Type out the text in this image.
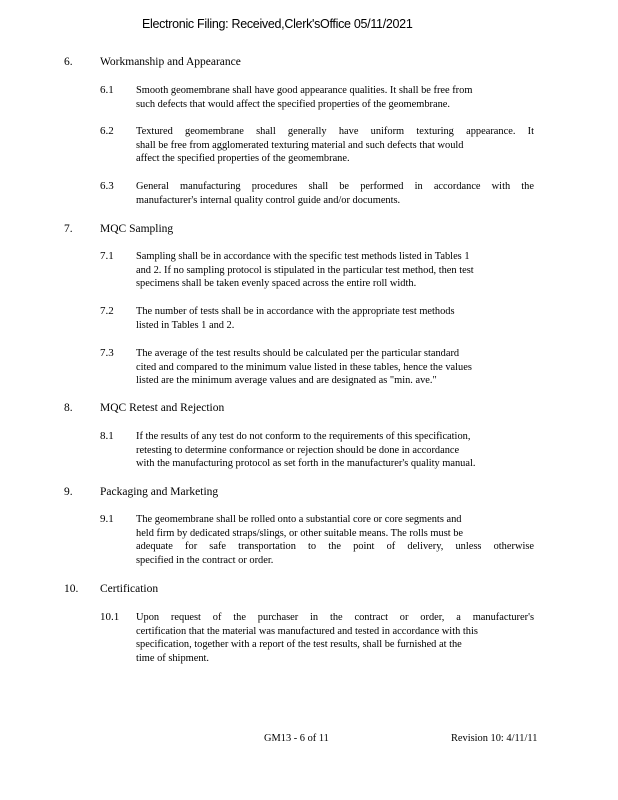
Electronic Filing: Received,Clerk'sOffice 05/11/2021
6. Workmanship and Appearance
6.1 Smooth geomembrane shall have good appearance qualities. It shall be free from
such defects that would affect the specified properties of the geomembrane.
6.2 Textured geomembrane shall generally have uniform texturing appearance. It
shall be free from agglomerated texturing material and such defects that would
affect the specified properties of the geomembrane.
6.3 General manufacturing procedures shall be performed in accordance with the
manufacturer's internal quality control guide and/or documents.
7. MQC Sampling
7.1 Sampling shall be in accordance with the specific test methods listed in Tables 1
and 2. If no sampling protocol is stipulated in the particular test method, then test
specimens shall be taken evenly spaced across the entire roll width.
7.2 The number of tests shall be in accordance with the appropriate test methods
listed in Tables 1 and 2.
7.3 The average of the test results should be calculated per the particular standard
cited and compared to the minimum value listed in these tables, hence the values
listed are the minimum average values and are designated as "min. ave."
8. MQC Retest and Rejection
8.1 If the results of any test do not conform to the requirements of this specification,
retesting to determine conformance or rejection should be done in accordance
with the manufacturing protocol as set forth in the manufacturer's quality manual.
9. Packaging and Marketing
9.1 The geomembrane shall be rolled onto a substantial core or core segments and
held firm by dedicated straps/slings, or other suitable means. The rolls must be
adequate for safe transportation to the point of delivery, unless otherwise
specified in the contract or order.
10. Certification
10.1 Upon request of the purchaser in the contract or order, a manufacturer's
certification that the material was manufactured and tested in accordance with this
specification, together with a report of the test results, shall be furnished at the
time of shipment.
GM13 - 6 of 11	Revision 10: 4/11/11
